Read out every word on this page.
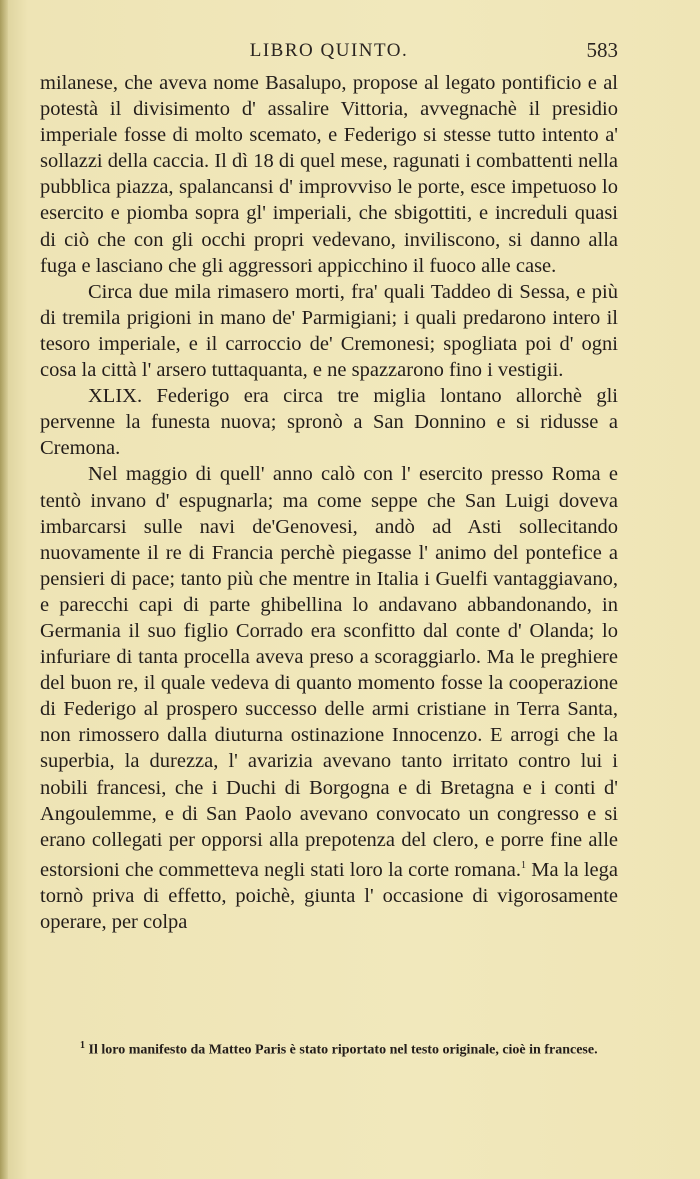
LIBRO QUINTO.	583

milanese, che aveva nome Basalupo, propose al legato pontificio e al potestà il divisimento d' assalire Vittoria, avvegnachè il presidio imperiale fosse di molto scemato, e Federigo si stesse tutto intento a' sollazzi della caccia. Il dì 18 di quel mese, ragunati i combattenti nella pubblica piazza, spalancansi d' improvviso le porte, esce impetuoso lo esercito e piomba sopra gl' imperiali, che sbigottiti, e increduli quasi di ciò che con gli occhi propri vedevano, inviliscono, si danno alla fuga e lasciano che gli aggressori appicchino il fuoco alle case.

Circa due mila rimasero morti, fra' quali Taddeo di Sessa, e più di tremila prigioni in mano de' Parmigiani; i quali predarono intero il tesoro imperiale, e il carroccio de' Cremonesi; spogliata poi d' ogni cosa la città l' arsero tuttaquanta, e ne spazzarono fino i vestigii.

XLIX. Federigo era circa tre miglia lontano allorchè gli pervenne la funesta nuova; spronò a San Donnino e si ridusse a Cremona.

Nel maggio di quell' anno calò con l' esercito presso Roma e tentò invano d' espugnarla; ma come seppe che San Luigi doveva imbarcarsi sulle navi de'Genovesi, andò ad Asti sollecitando nuovamente il re di Francia perchè piegasse l' animo del pontefice a pensieri di pace; tanto più che mentre in Italia i Guelfi vantaggiavano, e parecchi capi di parte ghibellina lo andavano abbandonando, in Germania il suo figlio Corrado era sconfitto dal conte d' Olanda; lo infuriare di tanta procella aveva preso a scoraggiarlo. Ma le preghiere del buon re, il quale vedeva di quanto momento fosse la cooperazione di Federigo al prospero successo delle armi cristiane in Terra Santa, non rimossero dalla diuturna ostinazione Innocenzo. E arrogi che la superbia, la durezza, l' avarizia avevano tanto irritato contro lui i nobili francesi, che i Duchi di Borgogna e di Bretagna e i conti d' Angoulemme, e di San Paolo avevano convocato un congresso e si erano collegati per opporsi alla prepotenza del clero, e porre fine alle estorsioni che commetteva negli stati loro la corte romana.$^1$ Ma la lega tornò priva di effetto, poichè, giunta l' occasione di vigorosamente operare, per colpa

$^1$ Il loro manifesto da Matteo Paris è stato riportato nel testo originale, cioè in francese.
